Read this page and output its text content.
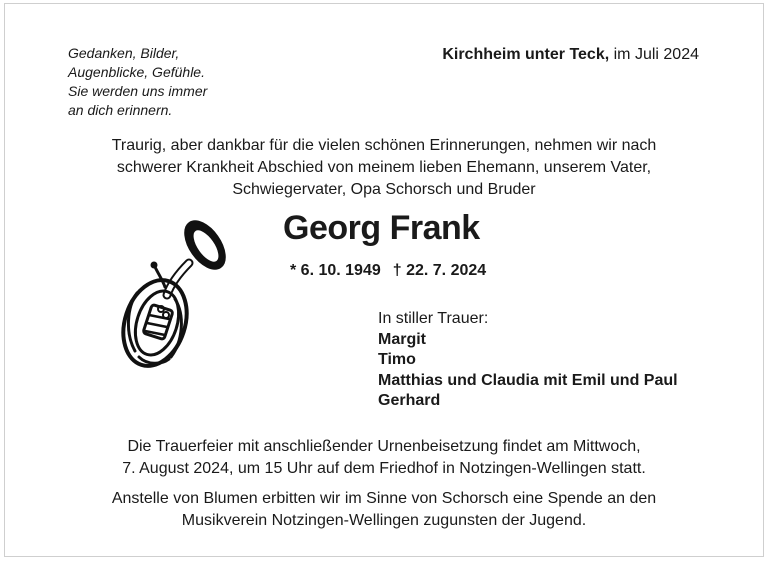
Gedanken, Bilder,
Augenblicke, Gefühle.
Sie werden uns immer
an dich erinnern.
Kirchheim unter Teck, im Juli 2024
Traurig, aber dankbar für die vielen schönen Erinnerungen, nehmen wir nach
schwerer Krankheit Abschied von meinem lieben Ehemann, unserem Vater,
Schwiegervater, Opa Schorsch und Bruder
Georg Frank
* 6. 10. 1949 † 22. 7. 2024
In stiller Trauer:
Margit
Timo
Matthias und Claudia mit Emil und Paul
Gerhard
Die Trauerfeier mit anschließender Urnenbeisetzung findet am Mittwoch,
7. August 2024, um 15 Uhr auf dem Friedhof in Notzingen-Wellingen statt.
Anstelle von Blumen erbitten wir im Sinne von Schorsch eine Spende an den
Musikverein Notzingen-Wellingen zugunsten der Jugend.
